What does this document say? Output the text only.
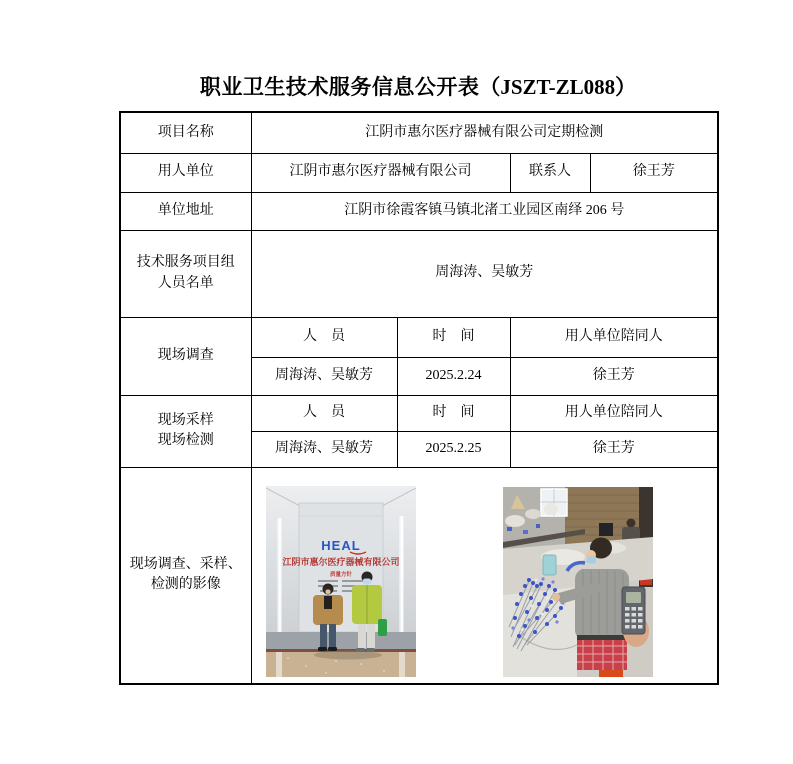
职业卫生技术服务信息公开表（JSZT-ZL088）
项目名称	江阴市惠尔医疗器械有限公司定期检测			
用人单位	江阴市惠尔医疗器械有限公司		联系人	徐王芳
单位地址	江阴市徐霞客镇马镇北渚工业园区南绎 206 号			

技术服务项目组
人员名单	周海涛、吴敏芳			
现场调查	人　员	时　间	用人单位陪同人	
	周海涛、吴敏芳	2025.2.24	徐王芳	

现场采样
现场检测	人　员	时　间	用人单位陪同人	
	周海涛、吴敏芳	2025.2.25	徐王芳	

现场调查、采样、
检测的影像

HEAL
江阴市惠尔医疗器械有限公司
质量方针
